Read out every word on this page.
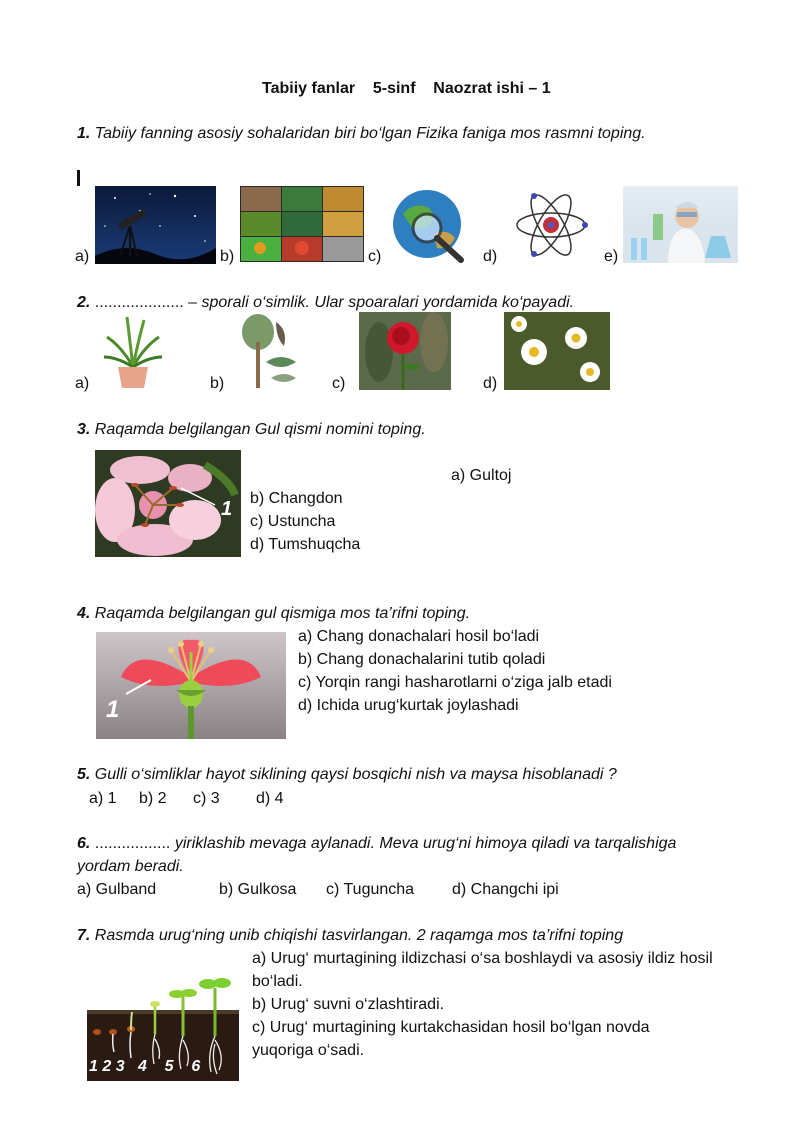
Tabiiy fanlar 5-sinf Naozrat ishi – 1
1. Tabiiy fanning asosiy sohalaridan biri bo‘lgan Fizika faniga mos rasmni toping.
a)	b)	c)	d)	e)
2. .................... – sporali o‘simlik. Ular spoaralari yordamida ko‘payadi.
a)	b)	c)	d)
3. Raqamda belgilangan Gul qismi nomini toping.
1
a) Gultoj
b) Changdon
c) Ustuncha
d) Tumshuqcha
4. Raqamda belgilangan gul qismiga mos ta’rifni toping.
1
a) Chang donachalari hosil bo‘ladi
b) Chang donachalarini tutib qoladi
c) Yorqin rangi hasharotlarni o‘ziga jalb etadi
d) Ichida urug‘kurtak joylashadi
5. Gulli o‘simliklar hayot siklining qaysi bosqichi nish va maysa hisoblanadi ?
a) 1 b) 2 c) 3 d) 4
6. ................. yiriklashib mevaga aylanadi. Meva urug‘ni himoya qiladi va tarqalishiga
yordam beradi.
a) Gulband	b) Gulkosa c) Tuguncha d) Changchi ipi
7. Rasmda urug‘ning unib chiqishi tasvirlangan. 2 raqamga mos ta’rifni toping
a) Urug‘ murtagining ildizchasi o‘sa boshlaydi va asosiy ildiz hosil
bo‘ladi.
b) Urug‘ suvni o‘zlashtiradi.
c) Urug‘ murtagining kurtakchasidan hosil bo‘lgan novda
yuqoriga o‘sadi.
1 2 3 4 5 6
